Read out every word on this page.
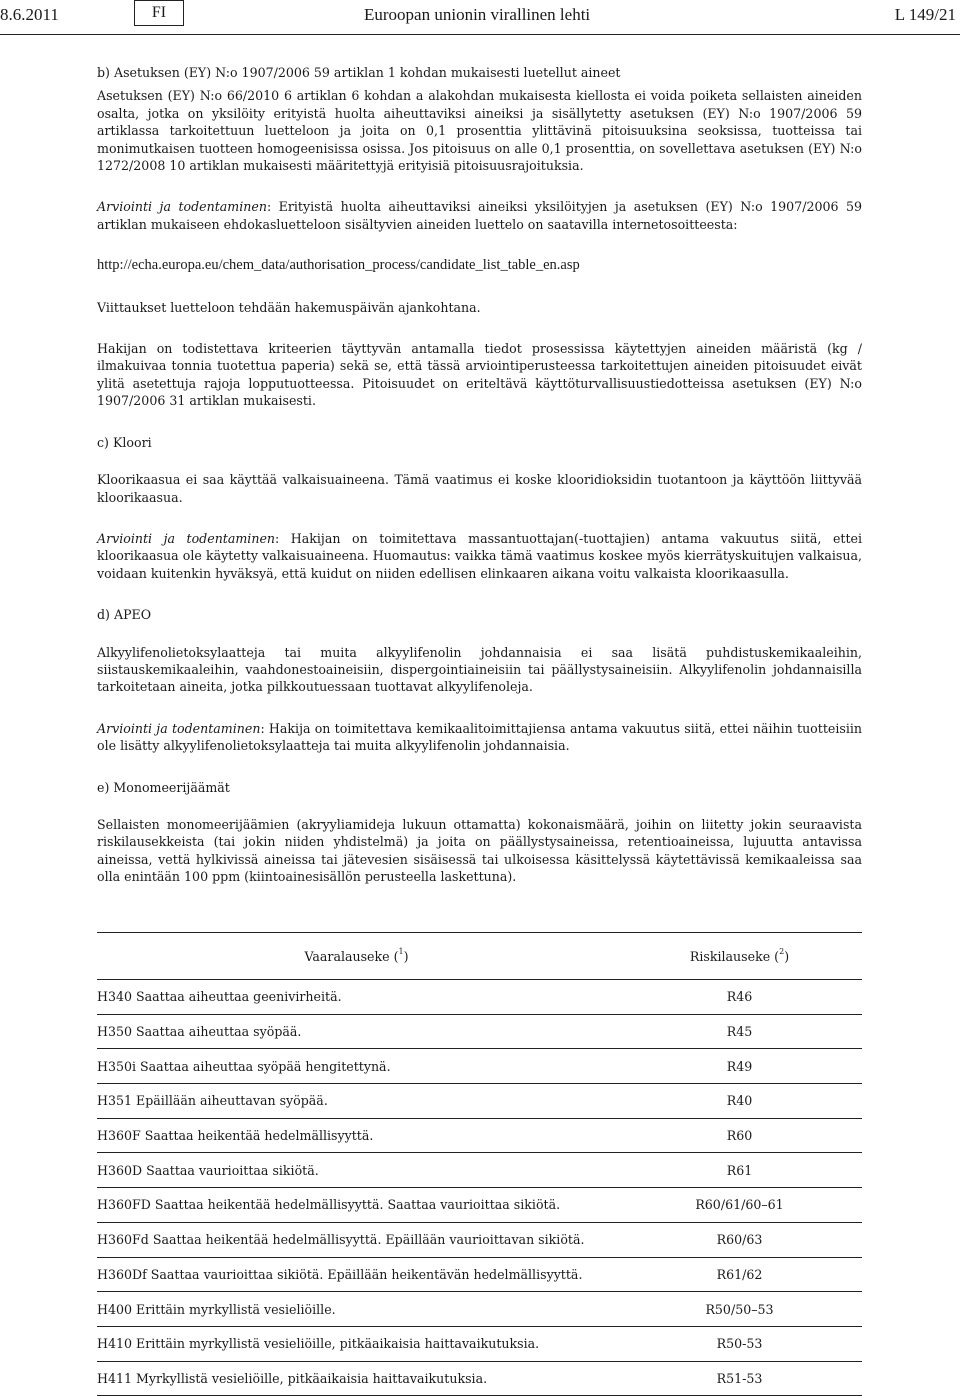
8.6.2011	FI	Euroopan unionin virallinen lehti	L 149/21

b) Asetuksen (EY) N:o 1907/2006 59 artiklan 1 kohdan mukaisesti luetellut aineet

Asetuksen (EY) N:o 66/2010 6 artiklan 6 kohdan a alakohdan mukaisesta kiellosta ei voida poiketa sellaisten aineiden osalta, jotka on yksilöity erityistä huolta aiheuttaviksi aineiksi ja sisällytetty asetuksen (EY) N:o 1907/2006 59 artiklassa tarkoitettuun luetteloon ja joita on 0,1 prosenttia ylittävinä pitoisuuksina seoksissa, tuotteissa tai monimutkaisen tuotteen homogeenisissa osissa. Jos pitoisuus on alle 0,1 prosenttia, on sovellettava asetuksen (EY) N:o 1272/2008 10 artiklan mukaisesti määritettyjä erityisiä pitoisuusrajoituksia.

Arviointi ja todentaminen: Erityistä huolta aiheuttaviksi aineiksi yksilöityjen ja asetuksen (EY) N:o 1907/2006 59 artiklan mukaiseen ehdokasluetteloon sisältyvien aineiden luettelo on saatavilla internetosoitteesta:

http://echa.europa.eu/chem_data/authorisation_process/candidate_list_table_en.asp

Viittaukset luetteloon tehdään hakemuspäivän ajankohtana.

Hakijan on todistettava kriteerien täyttyvän antamalla tiedot prosessissa käytettyjen aineiden määristä (kg / ilmakuivaa tonnia tuotettua paperia) sekä se, että tässä arviointiperusteessa tarkoitettujen aineiden pitoisuudet eivät ylitä asetettuja rajoja lopputuotteessa. Pitoisuudet on eriteltävä käyttöturvallisuustiedotteissa asetuksen (EY) N:o 1907/2006 31 artiklan mukaisesti.

c) Kloori

Kloorikaasua ei saa käyttää valkaisuaineena. Tämä vaatimus ei koske klooridioksidin tuotantoon ja käyttöön liittyvää kloorikaasua.

Arviointi ja todentaminen: Hakijan on toimitettava massantuottajan(-tuottajien) antama vakuutus siitä, ettei kloorikaasua ole käytetty valkaisuaineena. Huomautus: vaikka tämä vaatimus koskee myös kierrätyskuitujen valkaisua, voidaan kuitenkin hyväksyä, että kuidut on niiden edellisen elinkaaren aikana voitu valkaista kloorikaasulla.

d) APEO

Alkyylifenolietoksylaatteja tai muita alkyylifenolin johdannaisia ei saa lisätä puhdistuskemikaaleihin, siistauskemikaaleihin, vaahdonestoaineisiin, dispergointiaineisiin tai päällystysaineisiin. Alkyylifenolin johdannaisilla tarkoitetaan aineita, jotka pilkkoutuessaan tuottavat alkyylifenoleja.

Arviointi ja todentaminen: Hakija on toimitettava kemikaalitoimittajiensa antama vakuutus siitä, ettei näihin tuotteisiin ole lisätty alkyylifenolietoksylaatteja tai muita alkyylifenolin johdannaisia.

e) Monomeerijäämät

Sellaisten monomeerijäämien (akryyliamideja lukuun ottamatta) kokonaismäärä, joihin on liitetty jokin seuraavista riskilausekkeista (tai jokin niiden yhdistelmä) ja joita on päällystysaineissa, retentioaineissa, lujuutta antavissa aineissa, vettä hylkivissä aineissa tai jätevesien sisäisessä tai ulkoisessa käsittelyssä käytettävissä kemikaaleissa saa olla enintään 100 ppm (kiintoainesisällön perusteella laskettuna).

Vaaralauseke ($^1$)	Riskilauseke ($^2$)
H340 Saattaa aiheuttaa geenivirheitä.	R46
H350 Saattaa aiheuttaa syöpää.	R45
H350i Saattaa aiheuttaa syöpää hengitettynä.	R49
H351 Epäillään aiheuttavan syöpää.	R40
H360F Saattaa heikentää hedelmällisyyttä.	R60
H360D Saattaa vaurioittaa sikiötä.	R61
H360FD Saattaa heikentää hedelmällisyyttä. Saattaa vaurioittaa sikiötä.	R60/61/60–61
H360Fd Saattaa heikentää hedelmällisyyttä. Epäillään vaurioittavan sikiötä.	R60/63
H360Df Saattaa vaurioittaa sikiötä. Epäillään heikentävän hedelmällisyyttä.	R61/62
H400 Erittäin myrkyllistä vesieliöille.	R50/50–53
H410 Erittäin myrkyllistä vesieliöille, pitkäaikaisia haittavaikutuksia.	R50-53
H411 Myrkyllistä vesieliöille, pitkäaikaisia haittavaikutuksia.	R51-53
